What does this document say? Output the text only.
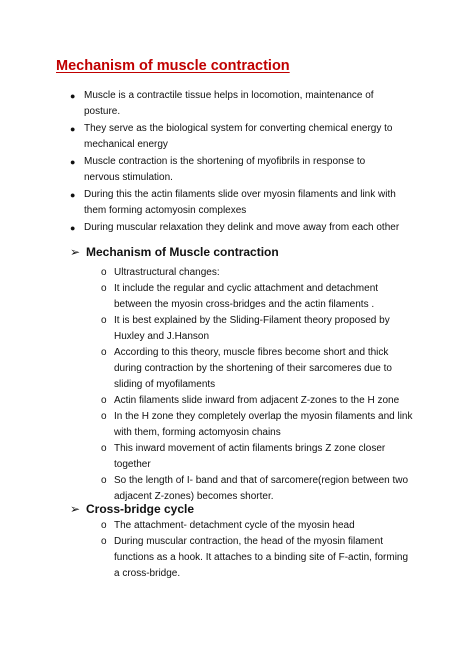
Mechanism of muscle contraction
● Muscle is a contractile tissue helps in locomotion, maintenance of posture.
● They serve as the biological system for converting chemical energy to mechanical energy
● Muscle contraction is the shortening of myofibrils in response to nervous stimulation.
● During this the actin filaments slide over myosin filaments and link with them forming actomyosin complexes
● During muscular relaxation they delink and move away from each other
➢ Mechanism of Muscle contraction
o Ultrastructural changes:
o It include the regular and cyclic attachment and detachment between the myosin cross-bridges and the actin filaments .
o It is best explained by the Sliding-Filament theory proposed by Huxley and J.Hanson
o According to this theory, muscle fibres become short and thick during contraction by the shortening of their sarcomeres due to sliding of myofilaments
o Actin filaments slide inward from adjacent Z-zones to the H zone
o In the H zone they completely overlap the myosin filaments and link with them, forming actomyosin chains
o This inward movement of actin filaments brings Z zone closer together
o So the length of I- band and that of sarcomere(region between two adjacent Z-zones) becomes shorter.
➢ Cross-bridge cycle
o The attachment- detachment cycle of the myosin head
o During muscular contraction, the head of the myosin filament functions as a hook. It attaches to a binding site of F-actin, forming a cross-bridge.
